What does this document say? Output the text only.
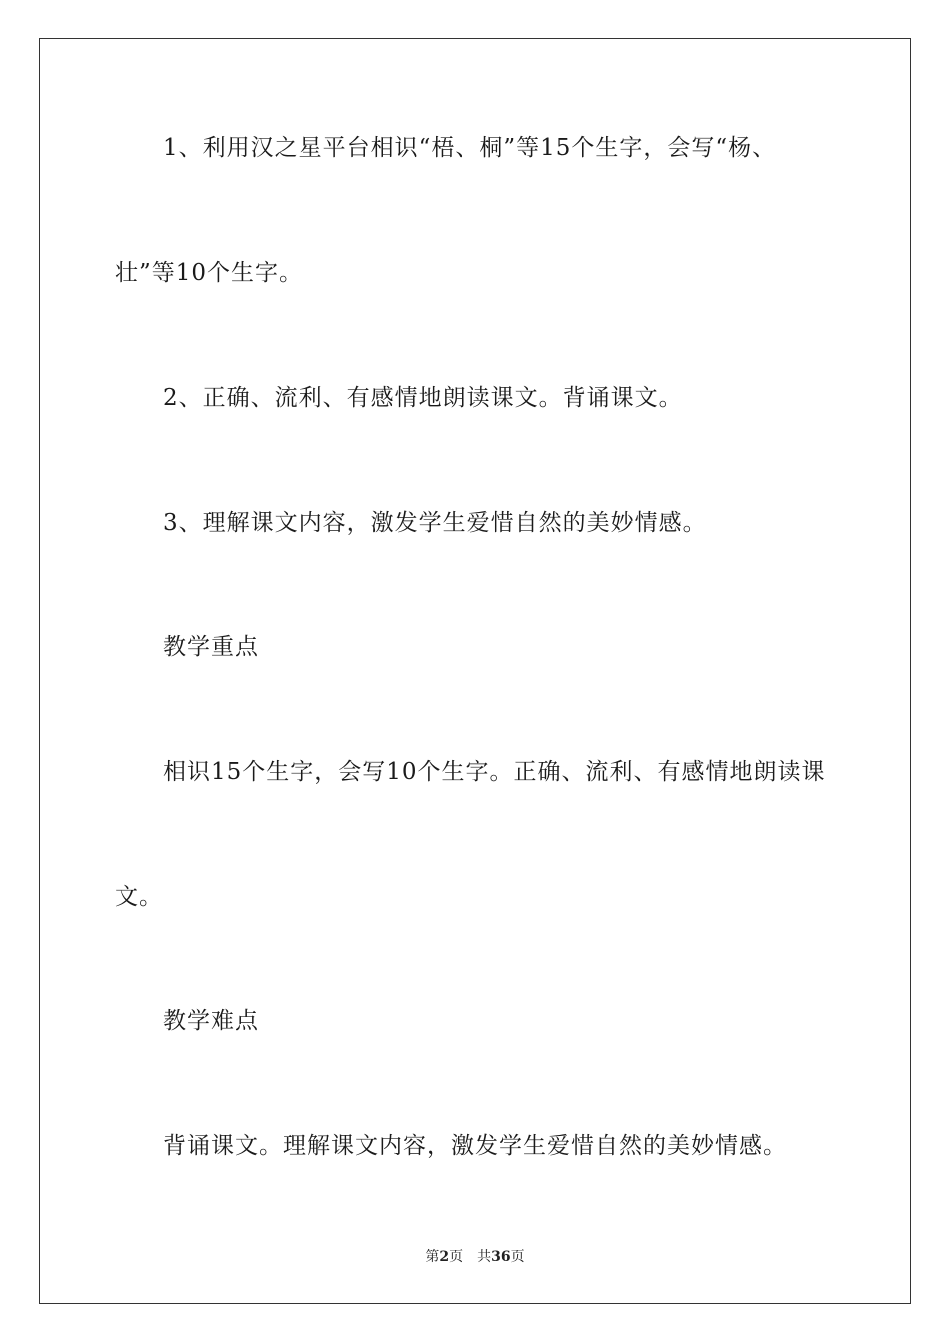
1、利用汉之星平台相识“梧、桐”等15个生字，会写“杨、
壮”等10个生字。
2、正确、流利、有感情地朗读课文。背诵课文。
3、理解课文内容，激发学生爱惜自然的美妙情感。
教学重点
相识15个生字，会写10个生字。正确、流利、有感情地朗读课
文。
教学难点
背诵课文。理解课文内容，激发学生爱惜自然的美妙情感。
第2页 共36页
